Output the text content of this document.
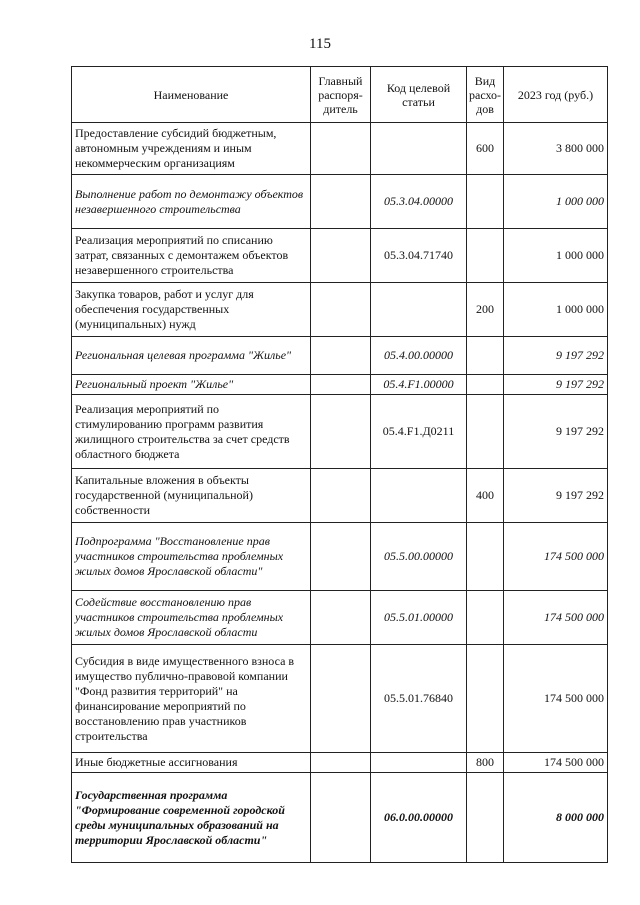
115
Наименование	Главный распоря-дитель	Код целевой статьи	Вид расхо-дов	2023 год (руб.)
Предоставление субсидий бюджетным, автономным учреждениям и иным некоммерческим организациям			600	3 800 000
Выполнение работ по демонтажу объектов незавершенного строительства		05.3.04.00000		1 000 000
Реализация мероприятий по списанию затрат, связанных с демонтажем объектов незавершенного строительства		05.3.04.71740		1 000 000
Закупка товаров, работ и услуг для обеспечения государственных (муниципальных) нужд			200	1 000 000
Региональная целевая программа "Жилье"		05.4.00.00000		9 197 292
Региональный проект "Жилье"		05.4.F1.00000		9 197 292
Реализация мероприятий по стимулированию программ развития жилищного строительства за счет средств областного бюджета		05.4.F1.Д0211		9 197 292
Капитальные вложения в объекты государственной (муниципальной) собственности			400	9 197 292
Подпрограмма "Восстановление прав участников строительства проблемных жилых домов Ярославской области"		05.5.00.00000		174 500 000
Содействие восстановлению прав участников строительства проблемных жилых домов Ярославской области		05.5.01.00000		174 500 000
Субсидия в виде имущественного взноса в имущество публично-правовой компании "Фонд развития территорий" на финансирование мероприятий по восстановлению прав участников строительства		05.5.01.76840		174 500 000
Иные бюджетные ассигнования			800	174 500 000
Государственная программа "Формирование современной городской среды муниципальных образований на территории Ярославской области"		06.0.00.00000		8 000 000
